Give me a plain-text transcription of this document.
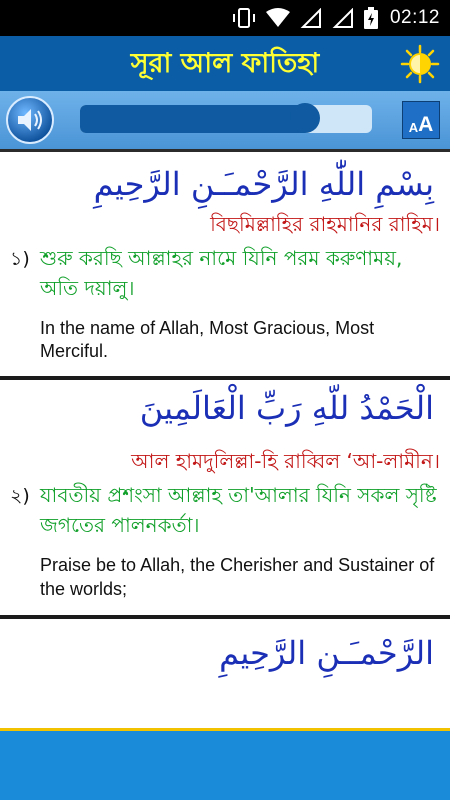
02:12
সূরা আল ফাতিহা
A A
بِسْمِ اللّٰهِ الرَّحْمـَـنِ الرَّحِيمِ
বিছমিল্লাহির রাহমানির রাহিম।
১) শুরু করছি আল্লাহর নামে যিনি পরম করুণাময়, অতি দয়ালু।
In the name of Allah, Most Gracious, Most Merciful.
الْحَمْدُ للّهِ رَبِّ الْعَالَمِينَ
আল হামদুলিল্লা-হি রাব্বিল ‘আ-লামীন।
২) যাবতীয় প্রশংসা আল্লাহ তা'আলার যিনি সকল সৃষ্টি জগতের পালনকর্তা।
Praise be to Allah, the Cherisher and Sustainer of the worlds;
الرَّحْمـَـنِ الرَّحِيمِ
